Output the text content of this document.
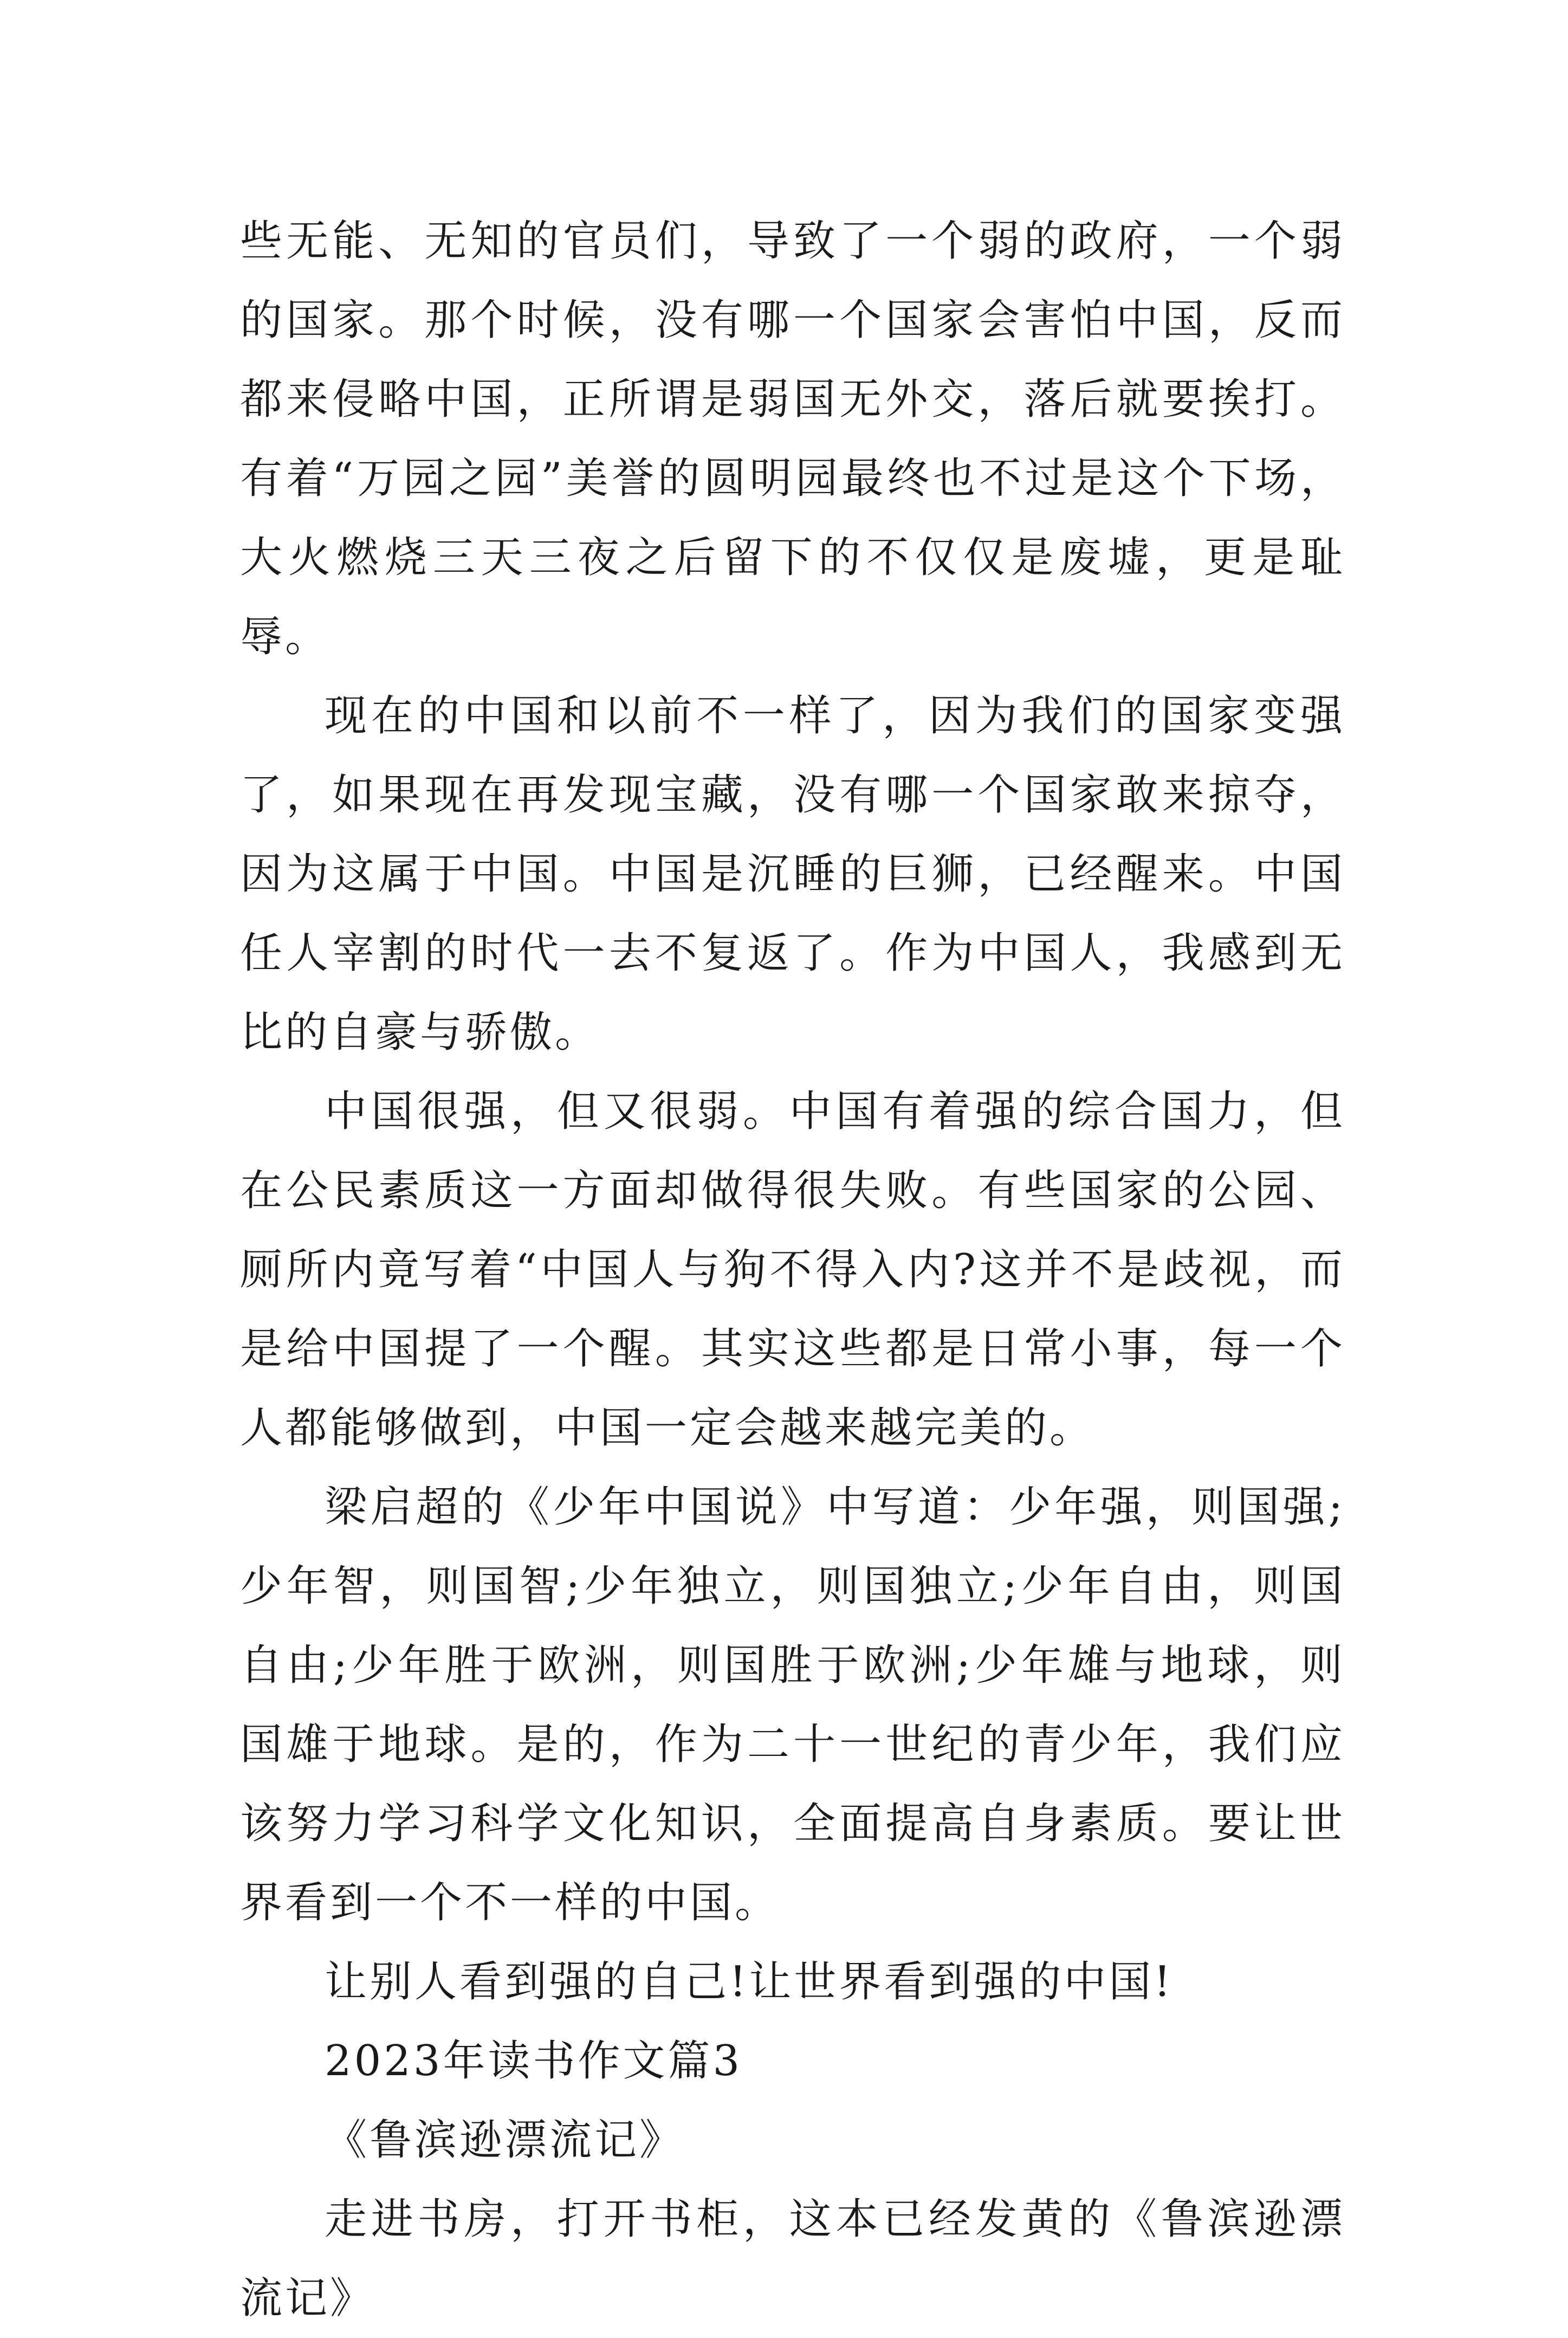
些无能、无知的官员们，导致了一个弱的政府，一个弱的国家。那个时候，没有哪一个国家会害怕中国，反而都来侵略中国，正所谓是弱国无外交，落后就要挨打。有着“万园之园”美誉的圆明园最终也不过是这个下场，大火燃烧三天三夜之后留下的不仅仅是废墟，更是耻辱。

现在的中国和以前不一样了，因为我们的国家变强了，如果现在再发现宝藏，没有哪一个国家敢来掠夺，因为这属于中国。中国是沉睡的巨狮，已经醒来。中国任人宰割的时代一去不复返了。作为中国人，我感到无比的自豪与骄傲。

中国很强，但又很弱。中国有着强的综合国力，但在公民素质这一方面却做得很失败。有些国家的公园、厕所内竟写着“中国人与狗不得入内?这并不是歧视，而是给中国提了一个醒。其实这些都是日常小事，每一个人都能够做到，中国一定会越来越完美的。

梁启超的《少年中国说》中写道：少年强，则国强;少年智，则国智;少年独立，则国独立;少年自由，则国自由;少年胜于欧洲，则国胜于欧洲;少年雄与地球，则国雄于地球。是的，作为二十一世纪的青少年，我们应该努力学习科学文化知识，全面提高自身素质。要让世界看到一个不一样的中国。

让别人看到强的自己!让世界看到强的中国!

2023年读书作文篇3

《鲁滨逊漂流记》

走进书房，打开书柜，这本已经发黄的《鲁滨逊漂流记》
